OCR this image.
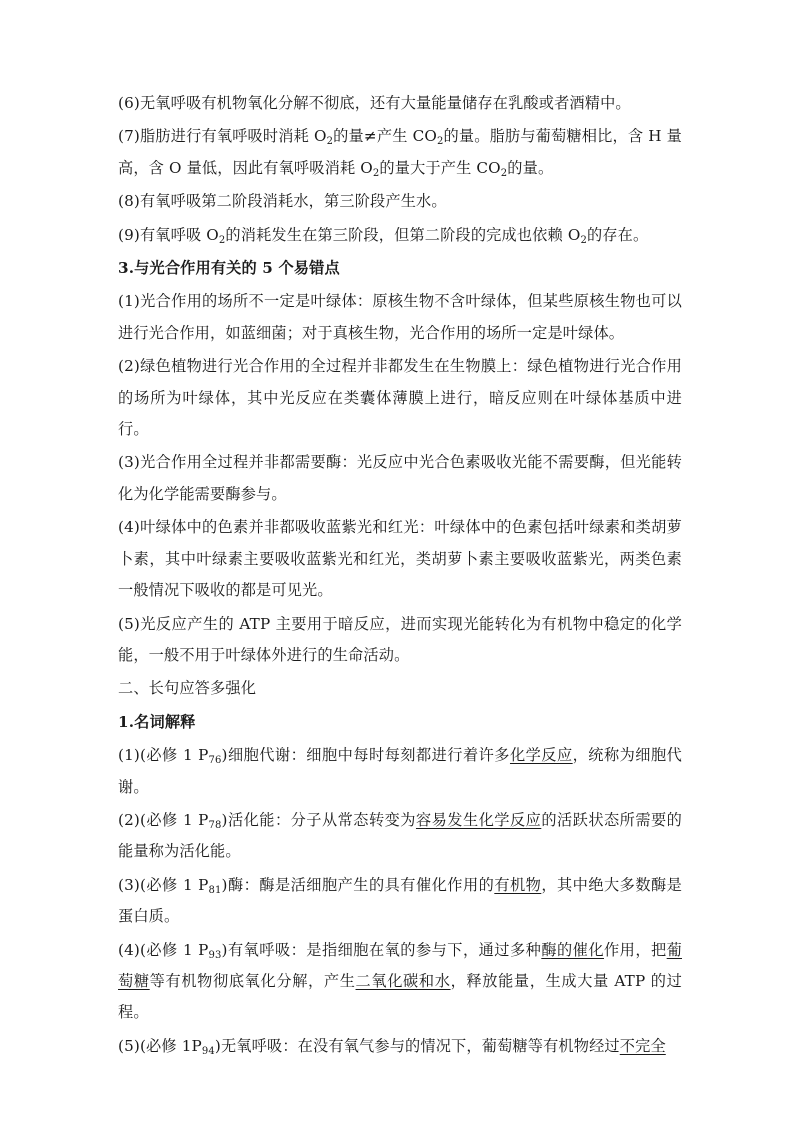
(6)无氧呼吸有机物氧化分解不彻底，还有大量能量储存在乳酸或者酒精中。

(7)脂肪进行有氧呼吸时消耗 $O_2$的量≠产生 $CO_2$的量。脂肪与葡萄糖相比，含 H 量高，含 O 量低，因此有氧呼吸消耗 $O_2$的量大于产生 $CO_2$的量。

(8)有氧呼吸第二阶段消耗水，第三阶段产生水。

(9)有氧呼吸 $O_2$的消耗发生在第三阶段，但第二阶段的完成也依赖 $O_2$的存在。

3.与光合作用有关的 5 个易错点

(1)光合作用的场所不一定是叶绿体：原核生物不含叶绿体，但某些原核生物也可以进行光合作用，如蓝细菌；对于真核生物，光合作用的场所一定是叶绿体。

(2)绿色植物进行光合作用的全过程并非都发生在生物膜上：绿色植物进行光合作用的场所为叶绿体，其中光反应在类囊体薄膜上进行，暗反应则在叶绿体基质中进行。

(3)光合作用全过程并非都需要酶：光反应中光合色素吸收光能不需要酶，但光能转化为化学能需要酶参与。

(4)叶绿体中的色素并非都吸收蓝紫光和红光：叶绿体中的色素包括叶绿素和类胡萝卜素，其中叶绿素主要吸收蓝紫光和红光，类胡萝卜素主要吸收蓝紫光，两类色素一般情况下吸收的都是可见光。

(5)光反应产生的 ATP 主要用于暗反应，进而实现光能转化为有机物中稳定的化学能，一般不用于叶绿体外进行的生命活动。

二、长句应答多强化

1.名词解释

(1)(必修 1 $P_{76}$)细胞代谢：细胞中每时每刻都进行着许多化学反应，统称为细胞代谢。

(2)(必修 1 $P_{78}$)活化能：分子从常态转变为容易发生化学反应的活跃状态所需要的能量称为活化能。

(3)(必修 1 $P_{81}$)酶：酶是活细胞产生的具有催化作用的有机物，其中绝大多数酶是蛋白质。

(4)(必修 1 $P_{93}$)有氧呼吸：是指细胞在氧的参与下，通过多种酶的催化作用，把葡萄糖等有机物彻底氧化分解，产生二氧化碳和水，释放能量，生成大量 ATP 的过程。

(5)(必修 $1P_{94}$)无氧呼吸：在没有氧气参与的情况下，葡萄糖等有机物经过不完全
